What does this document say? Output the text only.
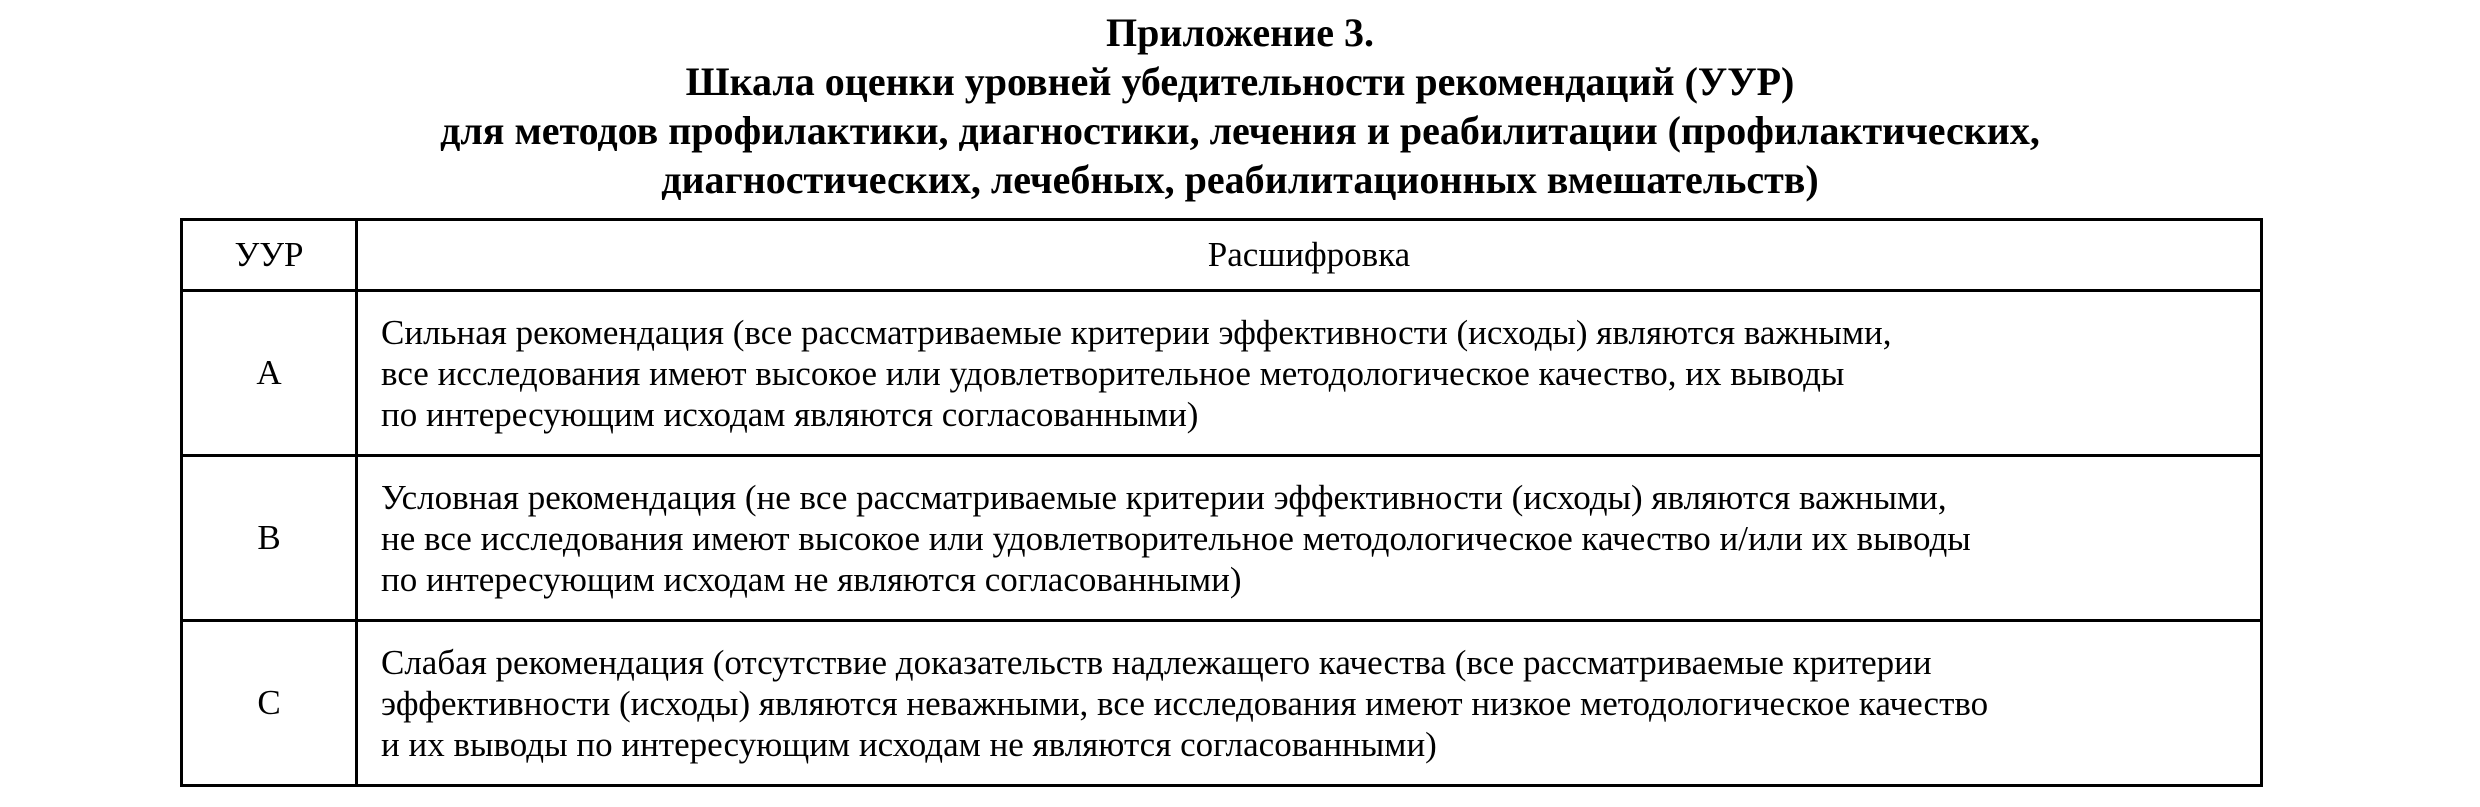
Приложение 3.
Шкала оценки уровней убедительности рекомендаций (УУР)
для методов профилактики, диагностики, лечения и реабилитации (профилактических,
диагностических, лечебных, реабилитационных вмешательств)
УУР	Расшифровка
A	Сильная рекомендация (все рассматриваемые критерии эффективности (исходы) являются важными,
все исследования имеют высокое или удовлетворительное методологическое качество, их выводы
по интересующим исходам являются согласованными)
B	Условная рекомендация (не все рассматриваемые критерии эффективности (исходы) являются важными,
не все исследования имеют высокое или удовлетворительное методологическое качество и/или их выводы
по интересующим исходам не являются согласованными)
C	Слабая рекомендация (отсутствие доказательств надлежащего качества (все рассматриваемые критерии
эффективности (исходы) являются неважными, все исследования имеют низкое методологическое качество
и их выводы по интересующим исходам не являются согласованными)
